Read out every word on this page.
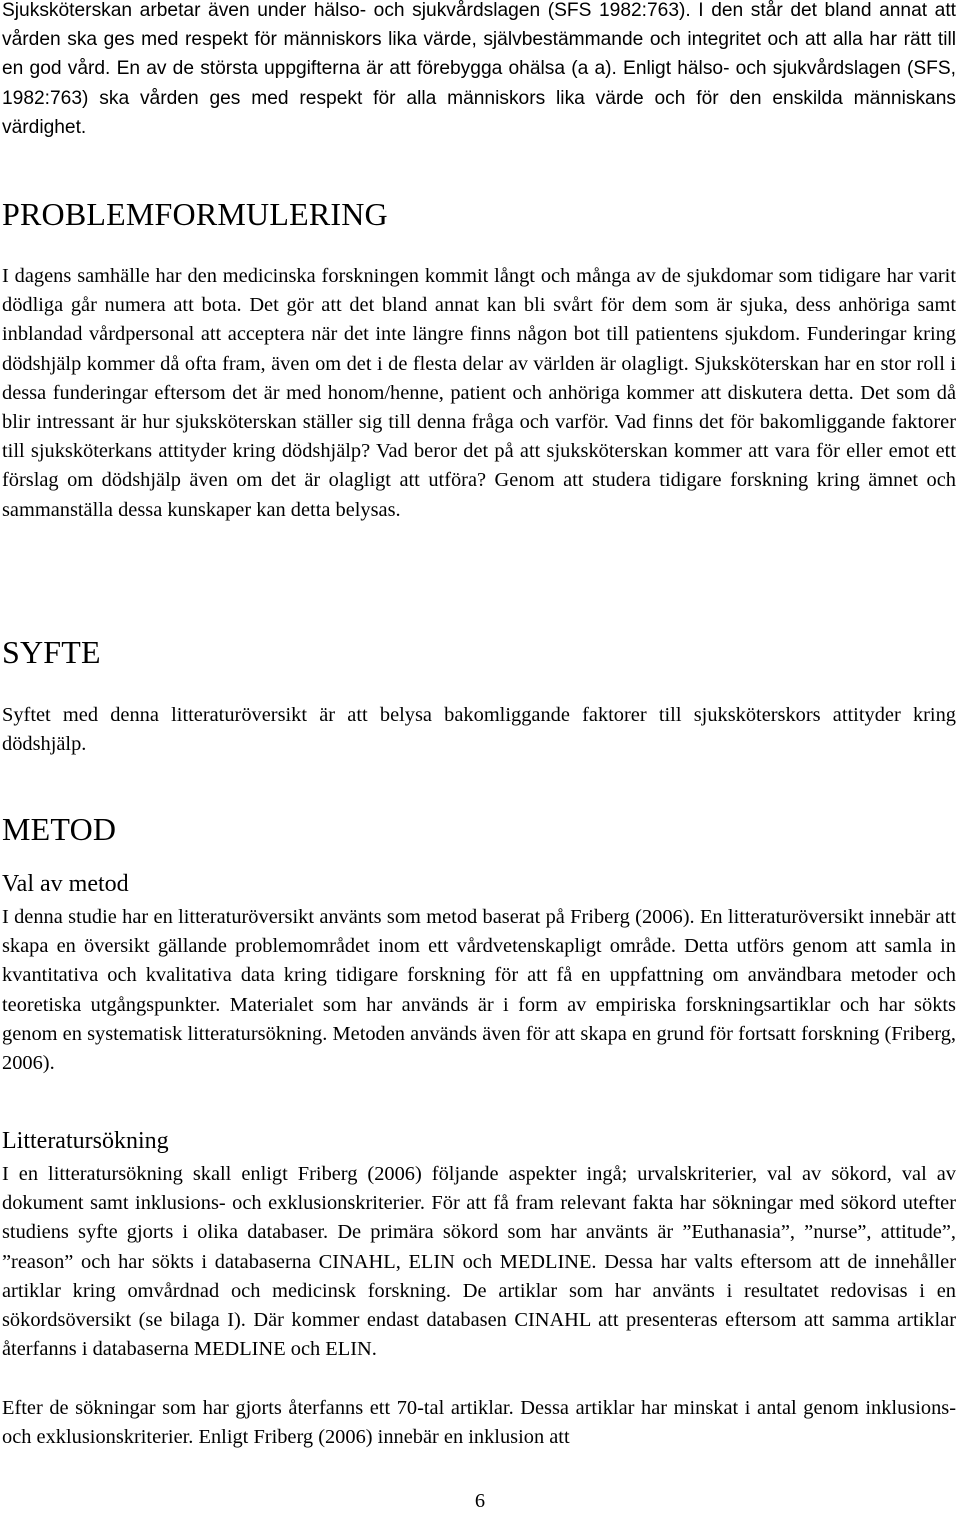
Sjuksköterskan arbetar även under hälso- och sjukvårdslagen (SFS 1982:763). I den står det bland annat att vården ska ges med respekt för människors lika värde, självbestämmande och integritet och att alla har rätt till en god vård. En av de största uppgifterna är att förebygga ohälsa (a a). Enligt hälso- och sjukvårdslagen (SFS, 1982:763) ska vården ges med respekt för alla människors lika värde och för den enskilda människans värdighet.

PROBLEMFORMULERING

I dagens samhälle har den medicinska forskningen kommit långt och många av de sjukdomar som tidigare har varit dödliga går numera att bota. Det gör att det bland annat kan bli svårt för dem som är sjuka, dess anhöriga samt inblandad vårdpersonal att acceptera när det inte längre finns någon bot till patientens sjukdom. Funderingar kring dödshjälp kommer då ofta fram, även om det i de flesta delar av världen är olagligt. Sjuksköterskan har en stor roll i dessa funderingar eftersom det är med honom/henne, patient och anhöriga kommer att diskutera detta. Det som då blir intressant är hur sjuksköterskan ställer sig till denna fråga och varför. Vad finns det för bakomliggande faktorer till sjuksköterkans attityder kring dödshjälp? Vad beror det på att sjuksköterskan kommer att vara för eller emot ett förslag om dödshjälp även om det är olagligt att utföra? Genom att studera tidigare forskning kring ämnet och sammanställa dessa kunskaper kan detta belysas.

SYFTE

Syftet med denna litteraturöversikt är att belysa bakomliggande faktorer till sjuksköterskors attityder kring dödshjälp.

METOD
Val av metod

I denna studie har en litteraturöversikt använts som metod baserat på Friberg (2006). En litteraturöversikt innebär att skapa en översikt gällande problemområdet inom ett vårdvetenskapligt område. Detta utförs genom att samla in kvantitativa och kvalitativa data kring tidigare forskning för att få en uppfattning om användbara metoder och teoretiska utgångspunkter. Materialet som har används är i form av empiriska forskningsartiklar och har sökts genom en systematisk litteratursökning. Metoden används även för att skapa en grund för fortsatt forskning (Friberg, 2006).

Litteratursökning

I en litteratursökning skall enligt Friberg (2006) följande aspekter ingå; urvalskriterier, val av sökord, val av dokument samt inklusions- och exklusionskriterier. För att få fram relevant fakta har sökningar med sökord utefter studiens syfte gjorts i olika databaser. De primära sökord som har använts är ”Euthanasia”, ”nurse”, attitude”, ”reason” och har sökts i databaserna CINAHL, ELIN och MEDLINE. Dessa har valts eftersom att de innehåller artiklar kring omvårdnad och medicinsk forskning. De artiklar som har använts i resultatet redovisas i en sökordsöversikt (se bilaga I). Där kommer endast databasen CINAHL att presenteras eftersom att samma artiklar återfanns i databaserna MEDLINE och ELIN.

Efter de sökningar som har gjorts återfanns ett 70-tal artiklar. Dessa artiklar har minskat i antal genom inklusions- och exklusionskriterier. Enligt Friberg (2006) innebär en inklusion att

6
